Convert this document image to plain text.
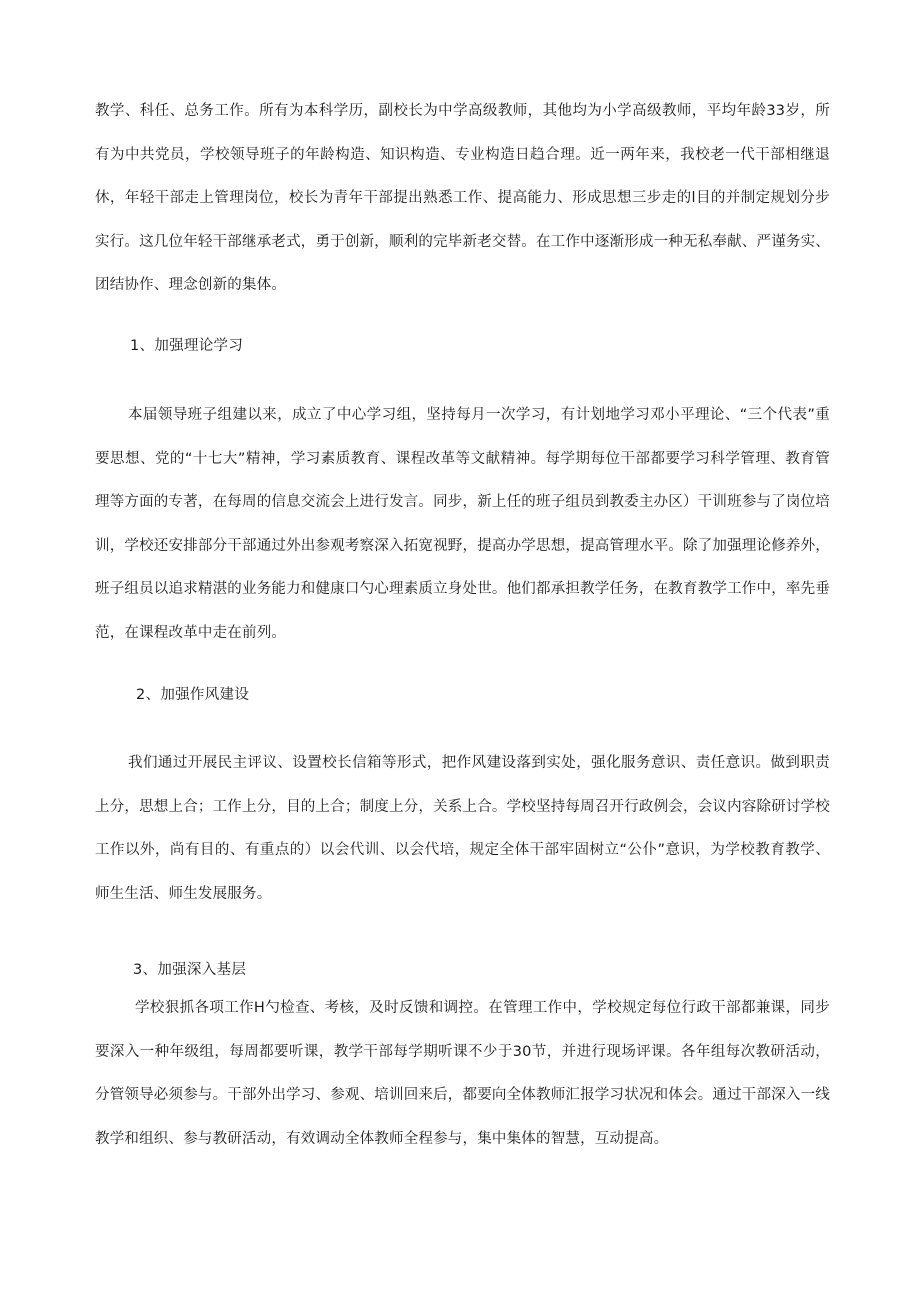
教学、科任、总务工作。所有为本科学历，副校长为中学高级教师，其他均为小学高级教师，平均年龄33岁，所有为中共党员，学校领导班子的年龄构造、知识构造、专业构造日趋合理。近一两年来，我校老一代干部相继退休，年轻干部走上管理岗位，校长为青年干部提出熟悉工作、提高能力、形成思想三步走的l目的并制定规划分步实行。这几位年轻干部继承老式，勇于创新，顺利的完毕新老交替。在工作中逐渐形成一种无私奉献、严谨务实、团结协作、理念创新的集体。

1、加强理论学习

本届领导班子组建以来，成立了中心学习组，坚持每月一次学习，有计划地学习邓小平理论、“三个代表”重要思想、党的“十七大”精神，学习素质教育、课程改革等文献精神。每学期每位干部都要学习科学管理、教育管理等方面的专著，在每周的信息交流会上进行发言。同步，新上任的班子组员到教委主办区）干训班参与了岗位培训，学校还安排部分干部通过外出参观考察深入拓宽视野，提高办学思想，提高管理水平。除了加强理论修养外，班子组员以追求精湛的业务能力和健康口勺心理素质立身处世。他们都承担教学任务，在教育教学工作中，率先垂范，在课程改革中走在前列。

2、加强作风建设

我们通过开展民主评议、设置校长信箱等形式，把作风建设落到实处，强化服务意识、责任意识。做到职责上分，思想上合；工作上分，目的上合；制度上分，关系上合。学校坚持每周召开行政例会，会议内容除研讨学校工作以外，尚有目的、有重点的）以会代训、以会代培，规定全体干部牢固树立“公仆”意识，为学校教育教学、师生生活、师生发展服务。

3、加强深入基层

学校狠抓各项工作H勺检查、考核，及时反馈和调控。在管理工作中，学校规定每位行政干部都兼课，同步要深入一种年级组，每周都要听课，教学干部每学期听课不少于30节，并进行现场评课。各年组每次教研活动，分管领导必须参与。干部外出学习、参观、培训回来后，都要向全体教师汇报学习状况和体会。通过干部深入一线教学和组织、参与教研活动，有效调动全体教师全程参与，集中集体的智慧，互动提高。
